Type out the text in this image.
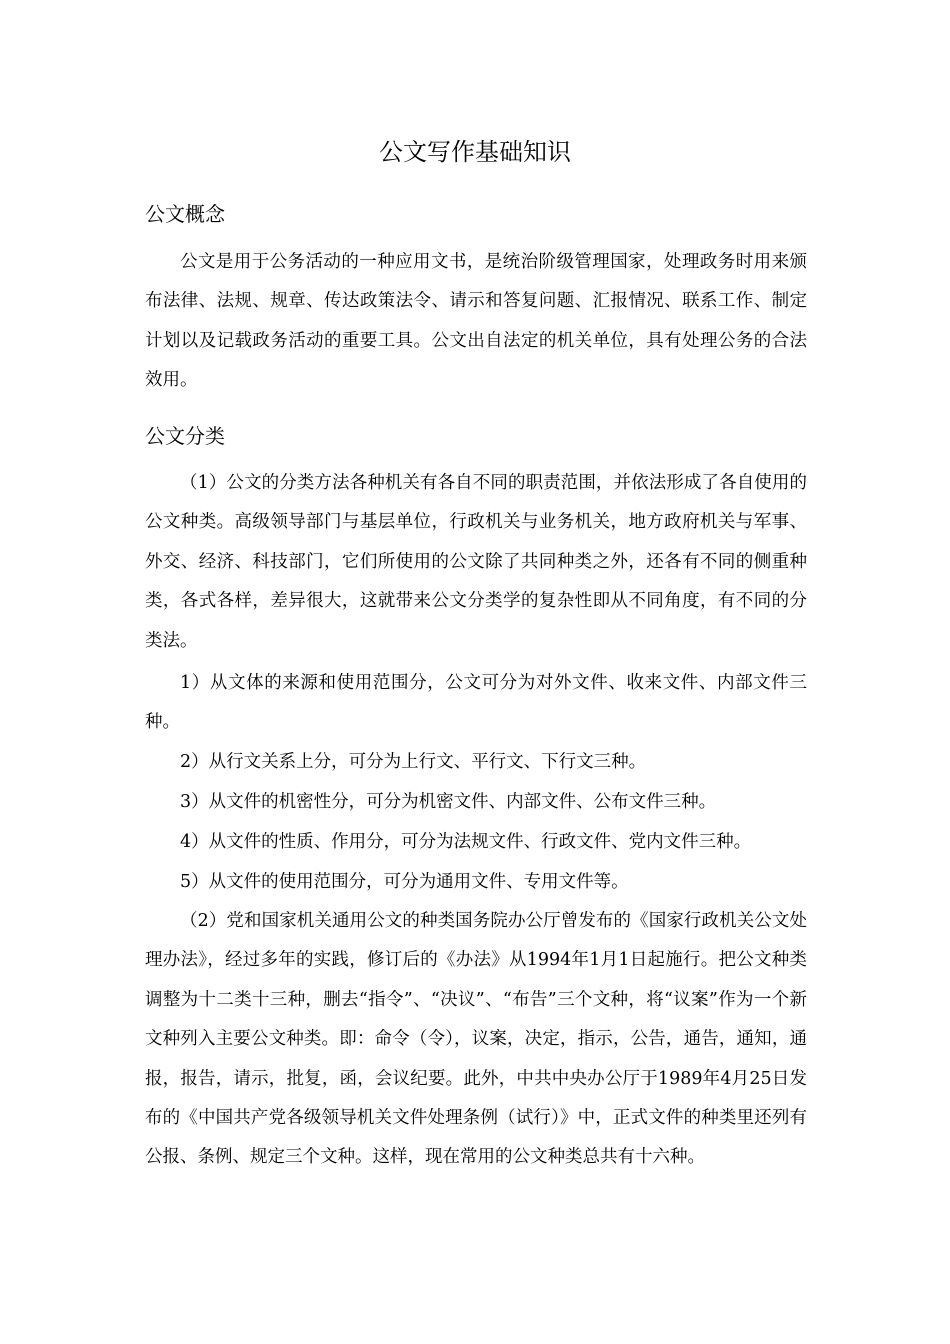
公文写作基础知识
公文概念

公文是用于公务活动的一种应用文书，是统治阶级管理国家，处理政务时用来颁布法律、法规、规章、传达政策法令、请示和答复问题、汇报情况、联系工作、制定计划以及记载政务活动的重要工具。公文出自法定的机关单位，具有处理公务的合法效用。

公文分类

（1）公文的分类方法各种机关有各自不同的职责范围，并依法形成了各自使用的公文种类。高级领导部门与基层单位，行政机关与业务机关，地方政府机关与军事、外交、经济、科技部门，它们所使用的公文除了共同种类之外，还各有不同的侧重种类，各式各样，差异很大，这就带来公文分类学的复杂性即从不同角度，有不同的分类法。

1）从文体的来源和使用范围分，公文可分为对外文件、收来文件、内部文件三种。

2）从行文关系上分，可分为上行文、平行文、下行文三种。

3）从文件的机密性分，可分为机密文件、内部文件、公布文件三种。

4）从文件的性质、作用分，可分为法规文件、行政文件、党内文件三种。

5）从文件的使用范围分，可分为通用文件、专用文件等。

（2）党和国家机关通用公文的种类国务院办公厅曾发布的《国家行政机关公文处理办法》，经过多年的实践，修订后的《办法》从1994年1月1日起施行。把公文种类调整为十二类十三种，删去“指令”、“决议”、“布告”三个文种，将“议案”作为一个新文种列入主要公文种类。即：命令（令），议案，决定，指示，公告，通告，通知，通报，报告，请示，批复，函，会议纪要。此外，中共中央办公厅于1989年4月25日发布的《中国共产党各级领导机关文件处理条例（试行）》中，正式文件的种类里还列有公报、条例、规定三个文种。这样，现在常用的公文种类总共有十六种。
